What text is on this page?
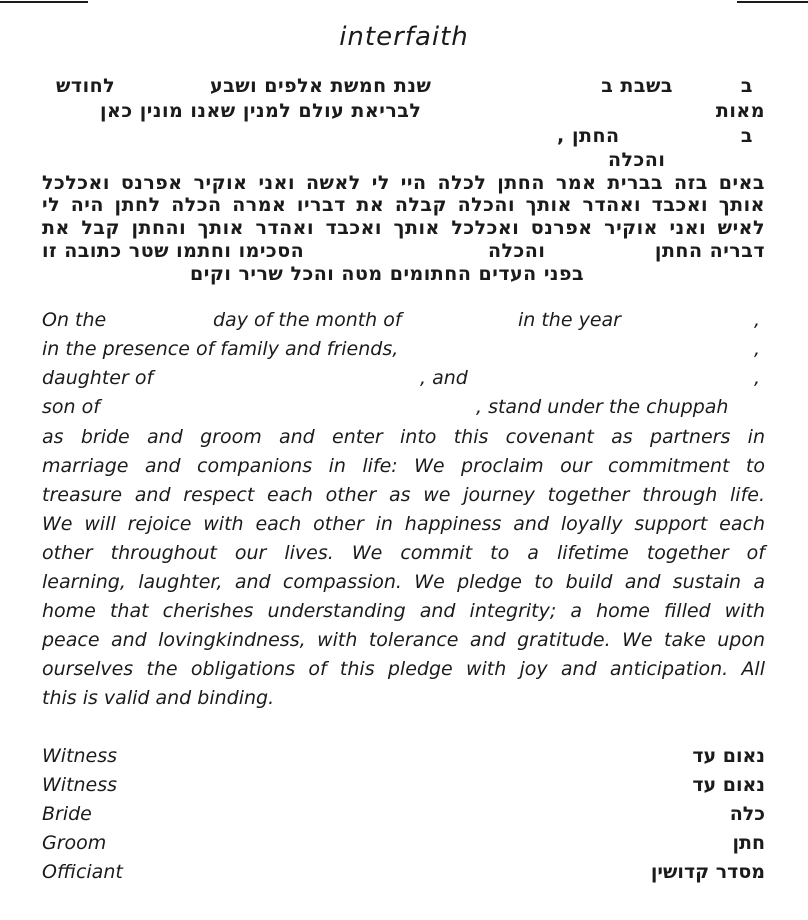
interfaith
לחודש	שנת חמשת אלפים ושבע	בשבת ב	ב
לבריאת עולם למנין שאנו מונין כאן	מאות
, החתן	ב
והכלה
באים בזה בברית אמר החתן לכלה היי לי לאשה ואני אוקיר אפרנס ואכלכל
אותך ואכבד ואהדר אותך והכלה קבלה את דבריו אמרה הכלה לחתן היה לי
לאיש ואני אוקיר אפרנס ואכלכל אותך ואכבד ואהדר אותך והחתן קבל את
הסכימו וחתמו שטר כתובה זו	והכלה	דבריה החתן
בפני העדים החתומים מטה והכל שריר וקים
On the	day of the month of	in the year	,
in the presence of family and friends,	,
daughter of	, and	,
son of	, stand under the chuppah
as bride and groom and enter into this covenant as partners in
marriage and companions in life: We proclaim our commitment to
treasure and respect each other as we journey together through life.
We will rejoice with each other in happiness and loyally support each
other throughout our lives. We commit to a lifetime together of
learning, laughter, and compassion. We pledge to build and sustain a
home that cherishes understanding and integrity; a home filled with
peace and lovingkindness, with tolerance and gratitude. We take upon
ourselves the obligations of this pledge with joy and anticipation. All
this is valid and binding.
Witness	נאום עד
Witness	נאום עד
Bride	כלה
Groom	חתן
Officiant	מסדר קדושין
